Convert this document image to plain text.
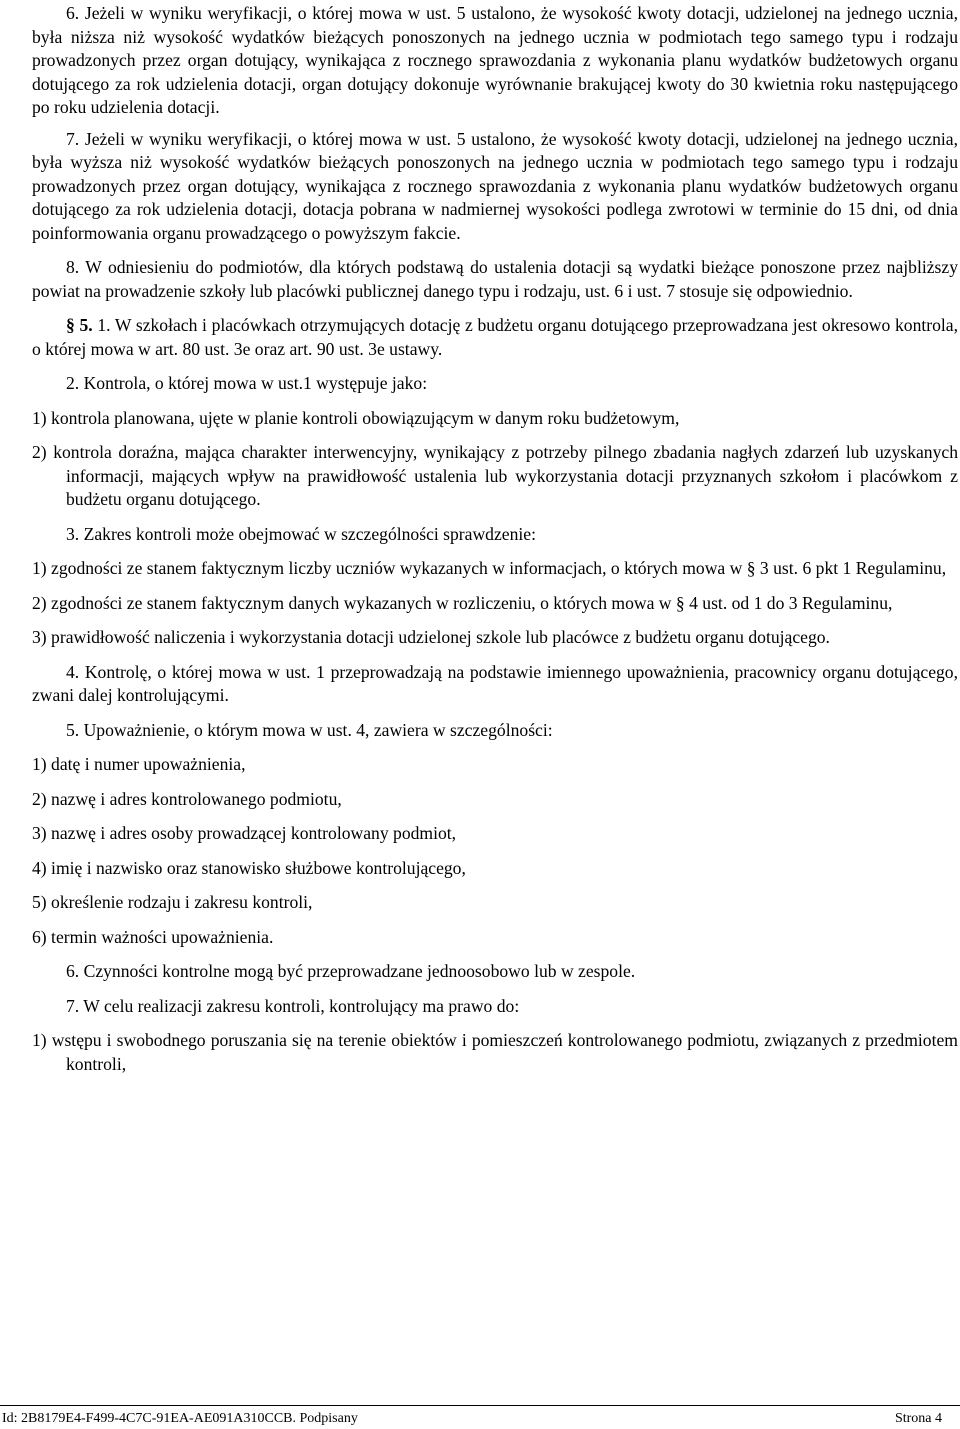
6. Jeżeli w wyniku weryfikacji, o której mowa w ust. 5 ustalono, że wysokość kwoty dotacji, udzielonej na jednego ucznia, była niższa niż wysokość wydatków bieżących ponoszonych na jednego ucznia w podmiotach tego samego typu i rodzaju prowadzonych przez organ dotujący, wynikająca z rocznego sprawozdania z wykonania planu wydatków budżetowych organu dotującego za rok udzielenia dotacji, organ dotujący dokonuje wyrównanie brakującej kwoty do 30 kwietnia roku następującego po roku udzielenia dotacji.

7. Jeżeli w wyniku weryfikacji, o której mowa w ust. 5 ustalono, że wysokość kwoty dotacji, udzielonej na jednego ucznia, była wyższa niż wysokość wydatków bieżących ponoszonych na jednego ucznia w podmiotach tego samego typu i rodzaju prowadzonych przez organ dotujący, wynikająca z rocznego sprawozdania z wykonania planu wydatków budżetowych organu dotującego za rok udzielenia dotacji, dotacja pobrana w nadmiernej wysokości podlega zwrotowi w terminie do 15 dni, od dnia poinformowania organu prowadzącego o powyższym fakcie.

8. W odniesieniu do podmiotów, dla których podstawą do ustalenia dotacji są wydatki bieżące ponoszone przez najbliższy powiat na prowadzenie szkoły lub placówki publicznej danego typu i rodzaju, ust. 6 i ust. 7 stosuje się odpowiednio.

§ 5. 1. W szkołach i placówkach otrzymujących dotację z budżetu organu dotującego przeprowadzana jest okresowo kontrola, o której mowa w art. 80 ust. 3e oraz art. 90 ust. 3e ustawy.

2. Kontrola, o której mowa w ust.1 występuje jako:

1) kontrola planowana, ujęte w planie kontroli obowiązującym w danym roku budżetowym,

2) kontrola doraźna, mająca charakter interwencyjny, wynikający z potrzeby pilnego zbadania nagłych zdarzeń lub uzyskanych informacji, mających wpływ na prawidłowość ustalenia lub wykorzystania dotacji przyznanych szkołom i placówkom z budżetu organu dotującego.

3. Zakres kontroli może obejmować w szczególności sprawdzenie:

1) zgodności ze stanem faktycznym liczby uczniów wykazanych w informacjach, o których mowa w § 3 ust. 6 pkt 1 Regulaminu,

2) zgodności ze stanem faktycznym danych wykazanych w rozliczeniu, o których mowa w § 4 ust. od 1 do 3 Regulaminu,

3) prawidłowość naliczenia i wykorzystania dotacji udzielonej szkole lub placówce z budżetu organu dotującego.

4. Kontrolę, o której mowa w ust. 1 przeprowadzają na podstawie imiennego upoważnienia, pracownicy organu dotującego, zwani dalej kontrolującymi.

5. Upoważnienie, o którym mowa w ust. 4, zawiera w szczególności:

1) datę i numer upoważnienia,

2) nazwę i adres kontrolowanego podmiotu,

3) nazwę i adres osoby prowadzącej kontrolowany podmiot,

4) imię i nazwisko oraz stanowisko służbowe kontrolującego,

5) określenie rodzaju i zakresu kontroli,

6) termin ważności upoważnienia.

6. Czynności kontrolne mogą być przeprowadzane jednoosobowo lub w zespole.

7. W celu realizacji zakresu kontroli, kontrolujący ma prawo do:

1) wstępu i swobodnego poruszania się na terenie obiektów i pomieszczeń kontrolowanego podmiotu, związanych z przedmiotem kontroli,

Id: 2B8179E4-F499-4C7C-91EA-AE091A310CCB. Podpisany	Strona 4
